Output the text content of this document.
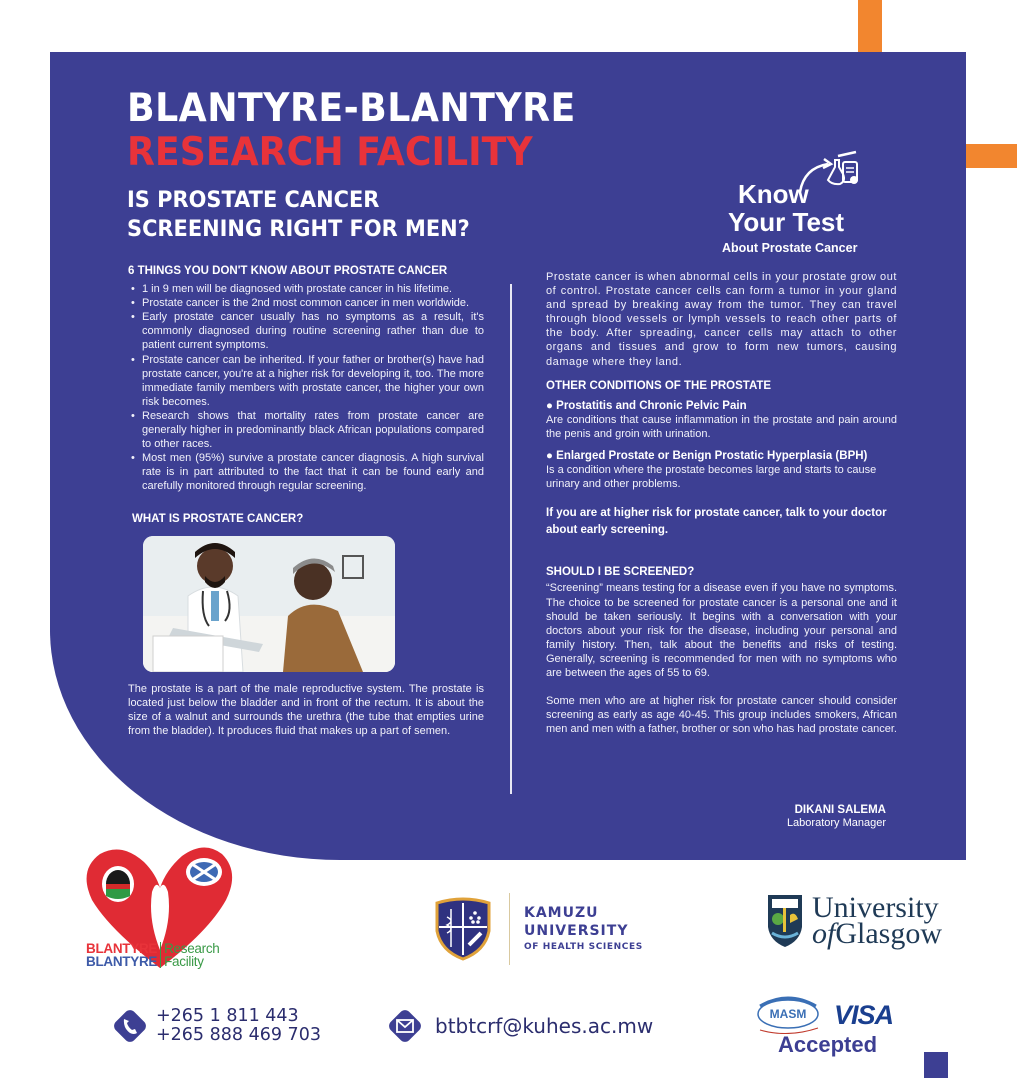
BLANTYRE-BLANTYRE
RESEARCH FACILITY
IS PROSTATE CANCER
SCREENING RIGHT FOR MEN?
Know
Your Test
About Prostate Cancer
6 THINGS YOU DON'T KNOW ABOUT PROSTATE CANCER
• 1 in 9 men will be diagnosed with prostate cancer in his lifetime.
• Prostate cancer is the 2nd most common cancer in men worldwide.
• Early prostate cancer usually has no symptoms as a result, it's commonly diagnosed during routine screening rather than due to patient current symptoms.
• Prostate cancer can be inherited. If your father or brother(s) have had prostate cancer, you're at a higher risk for developing it, too. The more immediate family members with prostate cancer, the higher your own risk becomes.
• Research shows that mortality rates from prostate cancer are generally higher in predominantly black African populations compared to other races.
• Most men (95%) survive a prostate cancer diagnosis. A high survival rate is in part attributed to the fact that it can be found early and carefully monitored through regular screening.
WHAT IS PROSTATE CANCER?
The prostate is a part of the male reproductive system. The prostate is located just below the bladder and in front of the rectum. It is about the size of a walnut and surrounds the urethra (the tube that empties urine from the bladder). It produces fluid that makes up a part of semen.
Prostate cancer is when abnormal cells in your prostate grow out of control. Prostate cancer cells can form a tumor in your gland and spread by breaking away from the tumor. They can travel through blood vessels or lymph vessels to reach other parts of the body. After spreading, cancer cells may attach to other organs and tissues and grow to form new tumors, causing damage where they land.
OTHER CONDITIONS OF THE PROSTATE
● Prostatitis and Chronic Pelvic Pain
Are conditions that cause inflammation in the prostate and pain around the penis and groin with urination.
● Enlarged Prostate or Benign Prostatic Hyperplasia (BPH)
Is a condition where the prostate becomes large and starts to cause urinary and other problems.
If you are at higher risk for prostate cancer, talk to your doctor about early screening.
SHOULD I BE SCREENED?
“Screening” means testing for a disease even if you have no symptoms. The choice to be screened for prostate cancer is a personal one and it should be taken seriously. It begins with a conversation with your doctors about your risk for the disease, including your personal and family history. Then, talk about the benefits and risks of testing. Generally, screening is recommended for men with no symptoms who are between the ages of 55 to 69.
Some men who are at higher risk for prostate cancer should consider screening as early as age 40-45. This group includes smokers, African men and men with a father, brother or son who has had prostate cancer.
DIKANI SALEMA
Laboratory Manager
BLANTYRE
BLANTYRE
Research
Facility
KAMUZU
UNIVERSITY
OF HEALTH SCIENCES
University
ofGlasgow
+265 1 811 443
+265 888 469 703	btbtcrf@kuhes.ac.mw	MASM VISA
Accepted
